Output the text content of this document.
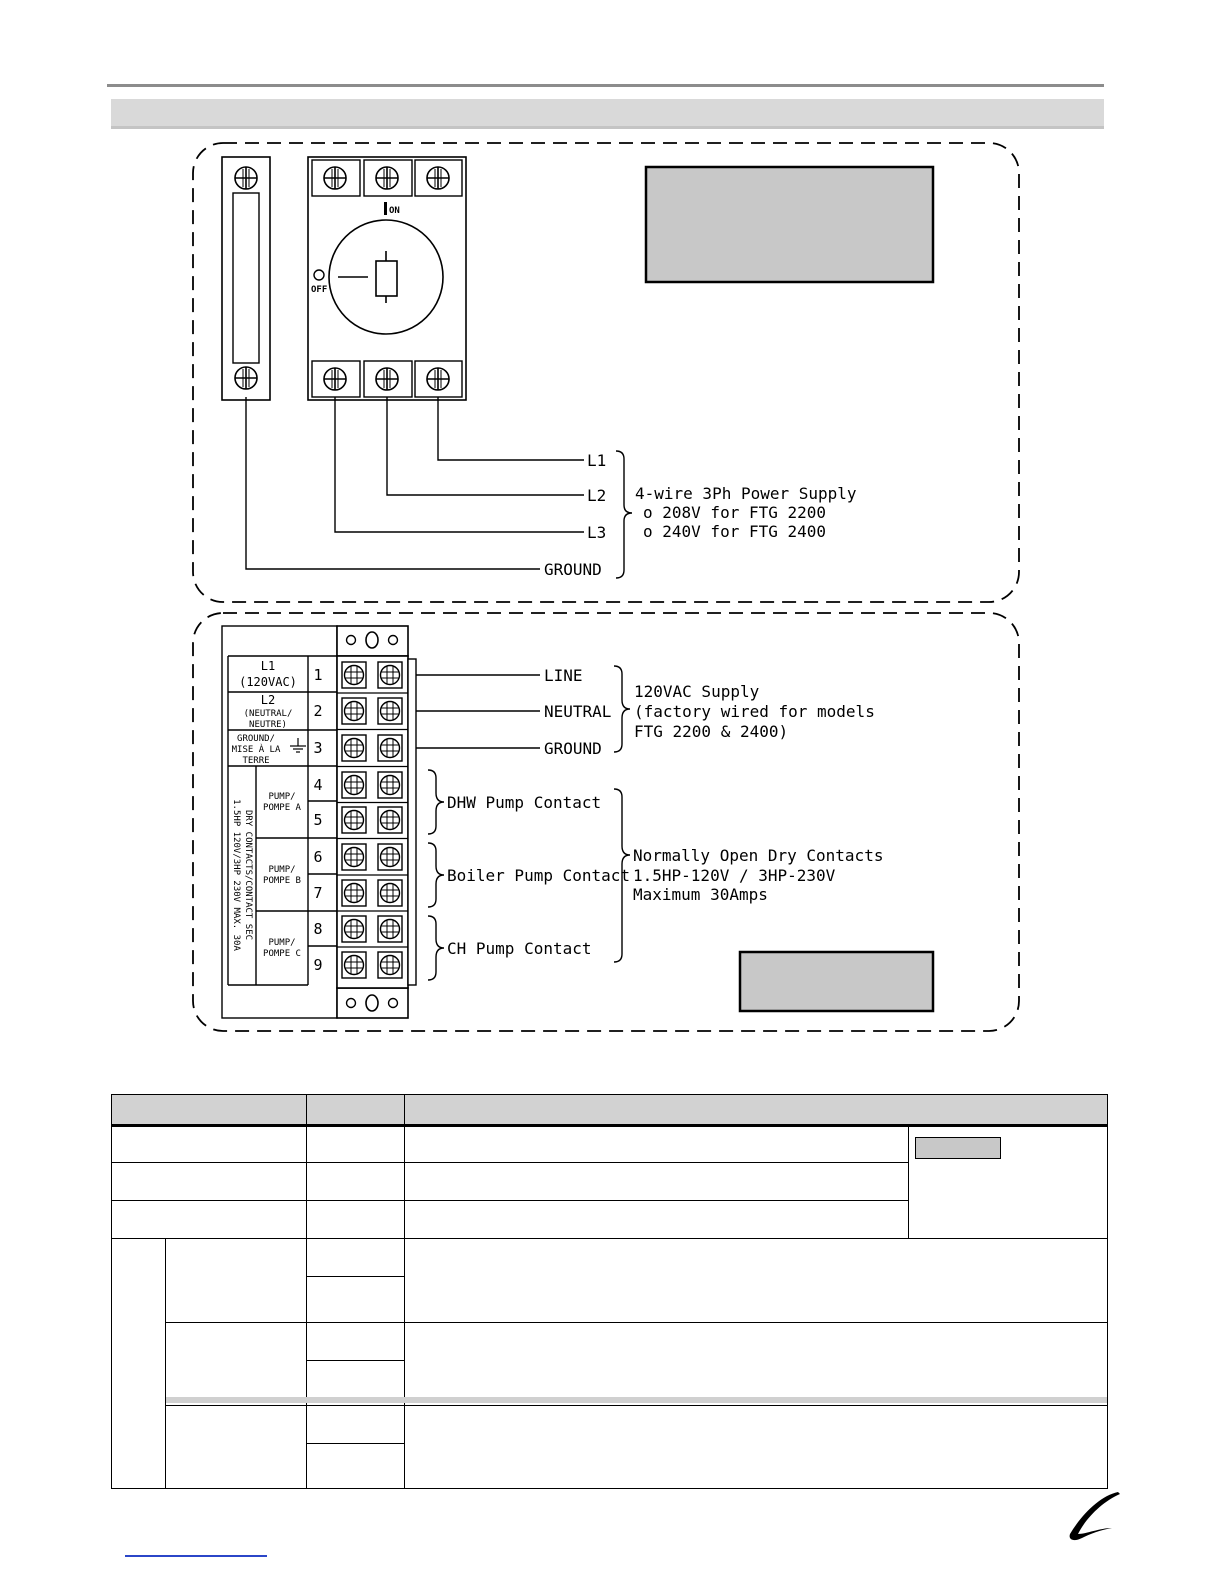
ON
OFF
L1
L2
L3
GROUND
4-wire 3Ph Power Supply
o 208V for FTG 2200
o 240V for FTG 2400
L1
(120VAC)
L2
(NEUTRAL/
NEUTRE)
GROUND/
MISE À LA
TERRE
DRY CONTACTS/CONTACT SEC
1.5HP 120V/3HP 230V MAX. 30A
PUMP/
POMPE A
PUMP/
POMPE B
PUMP/
POMPE C
1
2
3
4
5
6
7
8
9
LINE
NEUTRAL
GROUND
120VAC Supply
(factory wired for models
FTG 2200 & 2400)
DHW Pump Contact
Boiler Pump Contact
CH Pump Contact
Normally Open Dry Contacts
1.5HP-120V / 3HP-230V
Maximum 30Amps
